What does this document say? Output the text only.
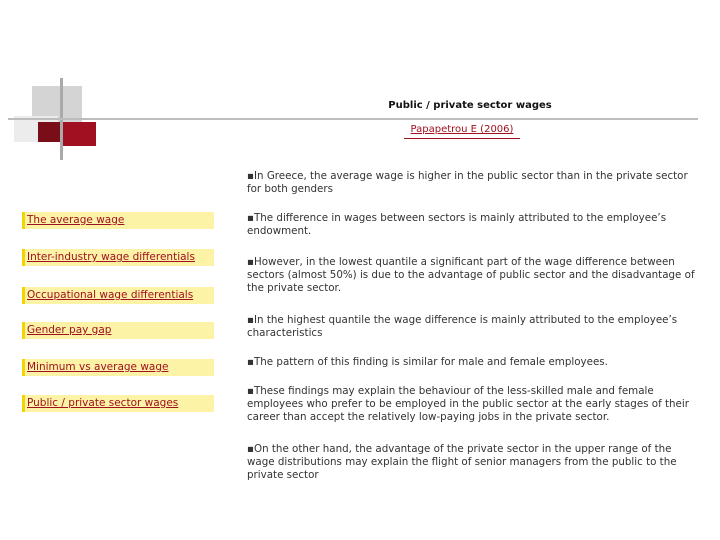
Public / private sector wages
Papapetrou E (2006)
The average wage
Inter-industry wage differentials
Occupational wage differentials
Gender pay gap
Minimum vs average wage
Public / private sector wages
▪In Greece, the average wage is higher in the public sector than in the private sector for both genders
▪The difference in wages between sectors is mainly attributed to the employee’s endowment.
▪However, in the lowest quantile a significant part of the wage difference between sectors (almost 50%) is due to the advantage of public sector and the disadvantage of the private sector.
▪In the highest quantile the wage difference is mainly attributed to the employee’s characteristics
▪The pattern of this finding is similar for male and female employees.
▪These findings may explain the behaviour of the less-skilled male and female employees who prefer to be employed in the public sector at the early stages of their career than accept the relatively low-paying jobs in the private sector.
▪On the other hand, the advantage of the private sector in the upper range of the wage distributions may explain the flight of senior managers from the public to the private sector
